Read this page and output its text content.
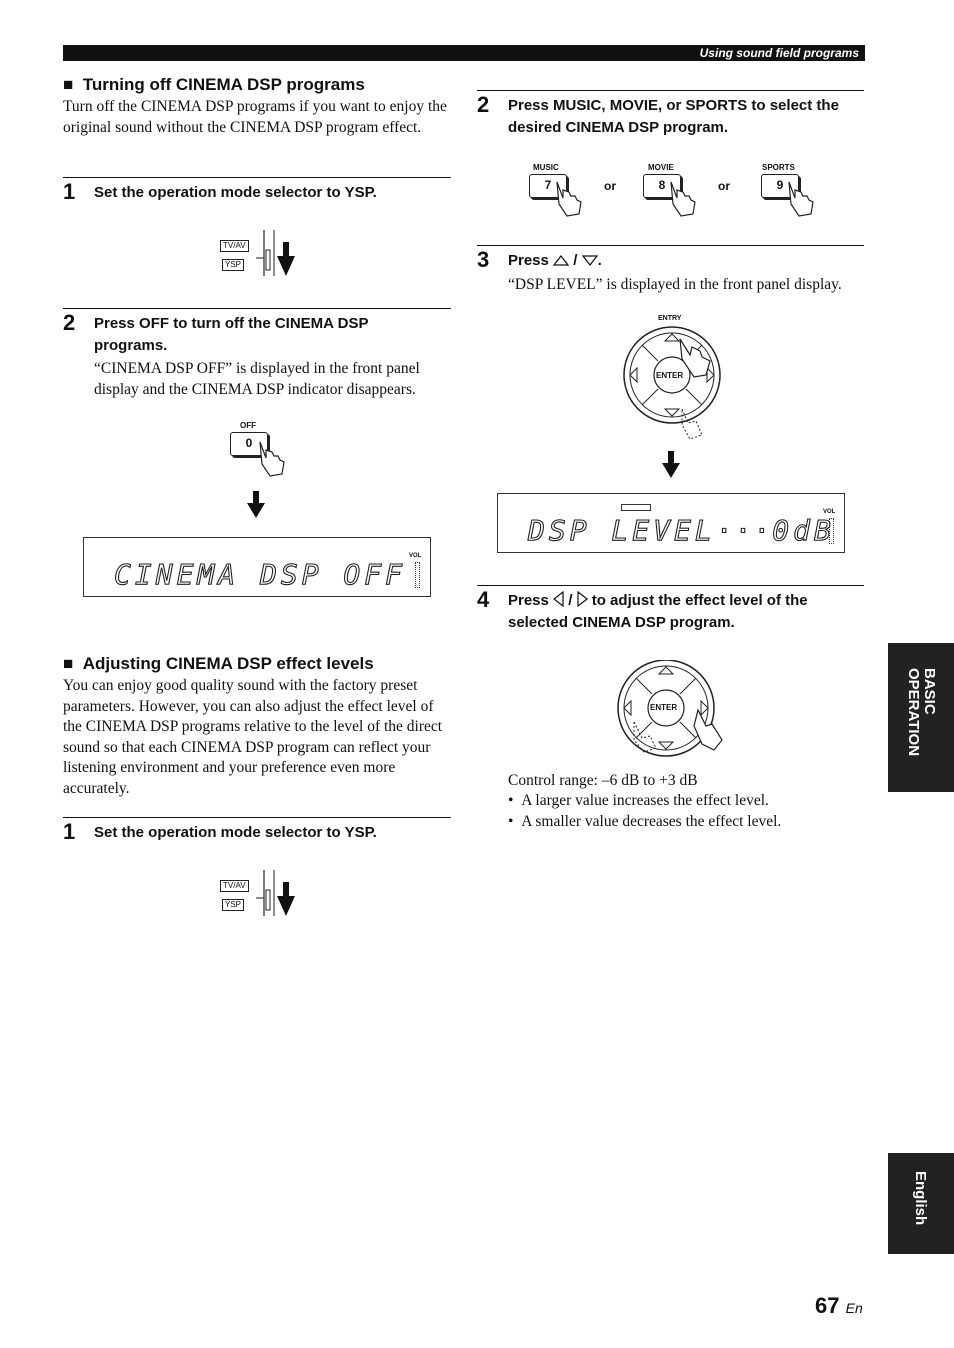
Using sound field programs
■ Turning off CINEMA DSP programs
Turn off the CINEMA DSP programs if you want to enjoy the original sound without the CINEMA DSP program effect.
1 Set the operation mode selector to YSP.
TV/AV
YSP
2 Press OFF to turn off the CINEMA DSP programs.
“CINEMA DSP OFF” is displayed in the front panel display and the CINEMA DSP indicator disappears.
OFF
0
CINEMA DSP OFF
VOL
■ Adjusting CINEMA DSP effect levels
You can enjoy good quality sound with the factory preset parameters. However, you can also adjust the effect level of the CINEMA DSP programs relative to the level of the direct sound so that each CINEMA DSP program can reflect your listening environment and your preference even more accurately.
1 Set the operation mode selector to YSP.
TV/AV
YSP
2 Press MUSIC, MOVIE, or SPORTS to select the desired CINEMA DSP program.
MUSIC
7	or
MOVIE
8	or
SPORTS
9
3 Press / .
“DSP LEVEL” is displayed in the front panel display.
ENTRY
ENTER
DSP LEVEL···0dB
VOL
4 Press / to adjust the effect level of the selected CINEMA DSP program.
ENTER
Control range: –6 dB to +3 dB
• A larger value increases the effect level.
• A smaller value decreases the effect level.
BASIC OPERATION
English
67 En
